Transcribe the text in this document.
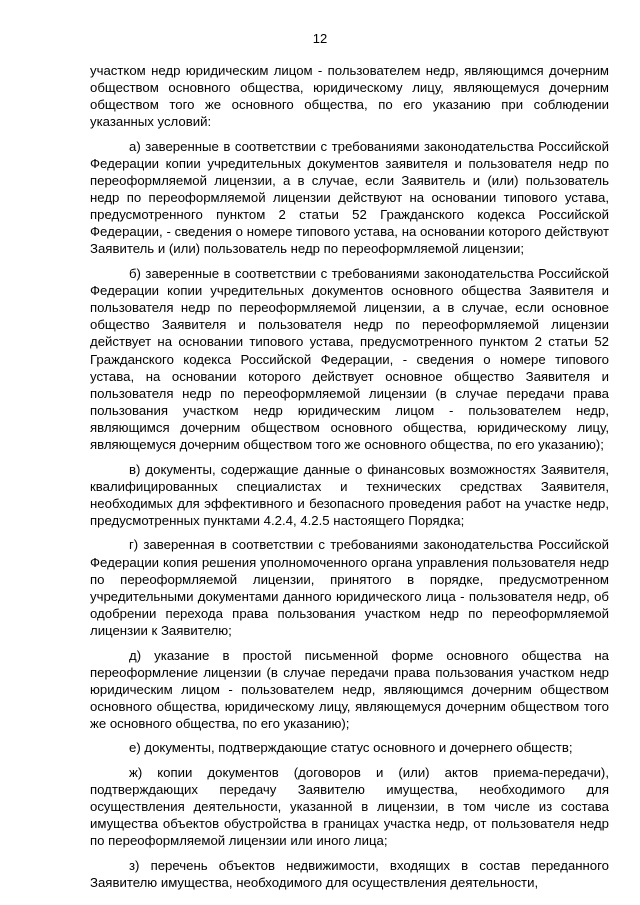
12

участком недр юридическим лицом - пользователем недр, являющимся дочерним обществом основного общества, юридическому лицу, являющемуся дочерним обществом того же основного общества, по его указанию при соблюдении указанных условий:

а) заверенные в соответствии с требованиями законодательства Российской Федерации копии учредительных документов заявителя и пользователя недр по переоформляемой лицензии, а в случае, если Заявитель и (или) пользователь недр по переоформляемой лицензии действуют на основании типового устава, предусмотренного пунктом 2 статьи 52 Гражданского кодекса Российской Федерации, - сведения о номере типового устава, на основании которого действуют Заявитель и (или) пользователь недр по переоформляемой лицензии;

б) заверенные в соответствии с требованиями законодательства Российской Федерации копии учредительных документов основного общества Заявителя и пользователя недр по переоформляемой лицензии, а в случае, если основное общество Заявителя и пользователя недр по переоформляемой лицензии действует на основании типового устава, предусмотренного пунктом 2 статьи 52 Гражданского кодекса Российской Федерации, - сведения о номере типового устава, на основании которого действует основное общество Заявителя и пользователя недр по переоформляемой лицензии (в случае передачи права пользования участком недр юридическим лицом - пользователем недр, являющимся дочерним обществом основного общества, юридическому лицу, являющемуся дочерним обществом того же основного общества, по его указанию);

в) документы, содержащие данные о финансовых возможностях Заявителя, квалифицированных специалистах и технических средствах Заявителя, необходимых для эффективного и безопасного проведения работ на участке недр, предусмотренных пунктами 4.2.4, 4.2.5 настоящего Порядка;

г) заверенная в соответствии с требованиями законодательства Российской Федерации копия решения уполномоченного органа управления пользователя недр по переоформляемой лицензии, принятого в порядке, предусмотренном учредительными документами данного юридического лица - пользователя недр, об одобрении перехода права пользования участком недр по переоформляемой лицензии к Заявителю;

д) указание в простой письменной форме основного общества на переоформление лицензии (в случае передачи права пользования участком недр юридическим лицом - пользователем недр, являющимся дочерним обществом основного общества, юридическому лицу, являющемуся дочерним обществом того же основного общества, по его указанию);

е) документы, подтверждающие статус основного и дочернего обществ;

ж) копии документов (договоров и (или) актов приема-передачи), подтверждающих передачу Заявителю имущества, необходимого для осуществления деятельности, указанной в лицензии, в том числе из состава имущества объектов обустройства в границах участка недр, от пользователя недр по переоформляемой лицензии или иного лица;

з) перечень объектов недвижимости, входящих в состав переданного Заявителю имущества, необходимого для осуществления деятельности,
